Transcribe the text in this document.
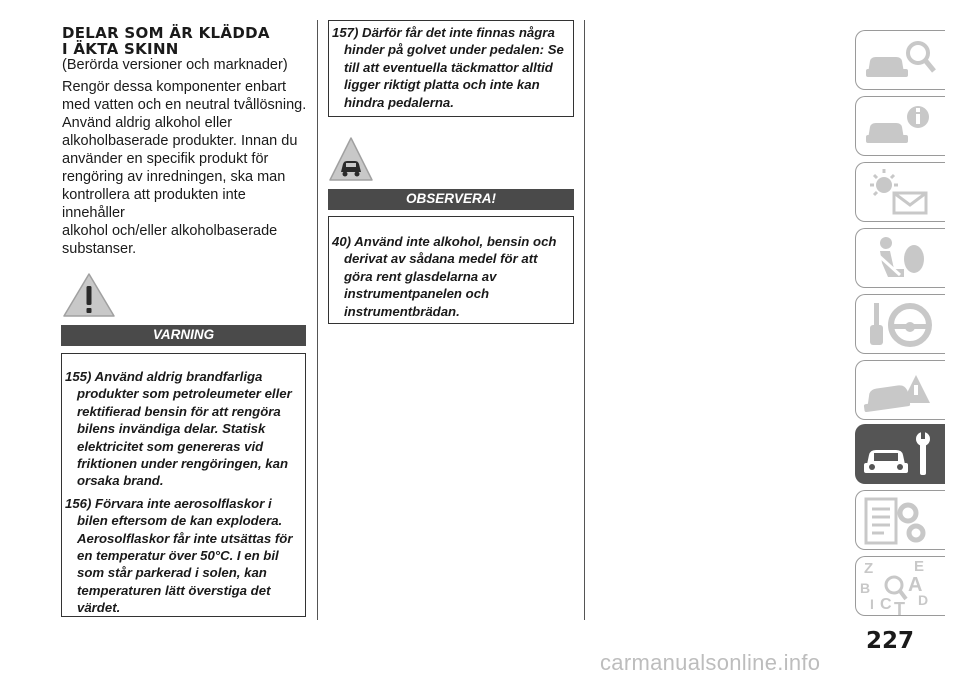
DELAR SOM ÄR KLÄDDA
I ÄKTA SKINN
(Berörda versioner och marknader)

Rengör dessa komponenter enbart

med vatten och en neutral tvållösning.

Använd aldrig alkohol eller

alkoholbaserade produkter. Innan du

använder en specifik produkt för

rengöring av inredningen, ska man

kontrollera att produkten inte innehåller

alkohol och/eller alkoholbaserade

substanser.

VARNING

155) Använd aldrig brandfarliga produkter som petroleumeter eller rektifierad bensin för att rengöra bilens invändiga delar. Statisk elektricitet som genereras vid friktionen under rengöringen, kan orsaka brand.

156) Förvara inte aerosolflaskor i bilen eftersom de kan explodera. Aerosolflaskor får inte utsättas för en temperatur över 50°C. I en bil som står parkerad i solen, kan temperaturen lätt överstiga det värdet.

157) Därför får det inte finnas några hinder på golvet under pedalen: Se till att eventuella täckmattor alltid ligger riktigt platta och inte kan hindra pedalerna.

OBSERVERA!

40) Använd inte alkohol, bensin och derivat av sådana medel för att göra rent glasdelarna av instrumentpanelen och instrumentbrädan.

Z	E
B A
I C T D
227
carmanualsonline.info
